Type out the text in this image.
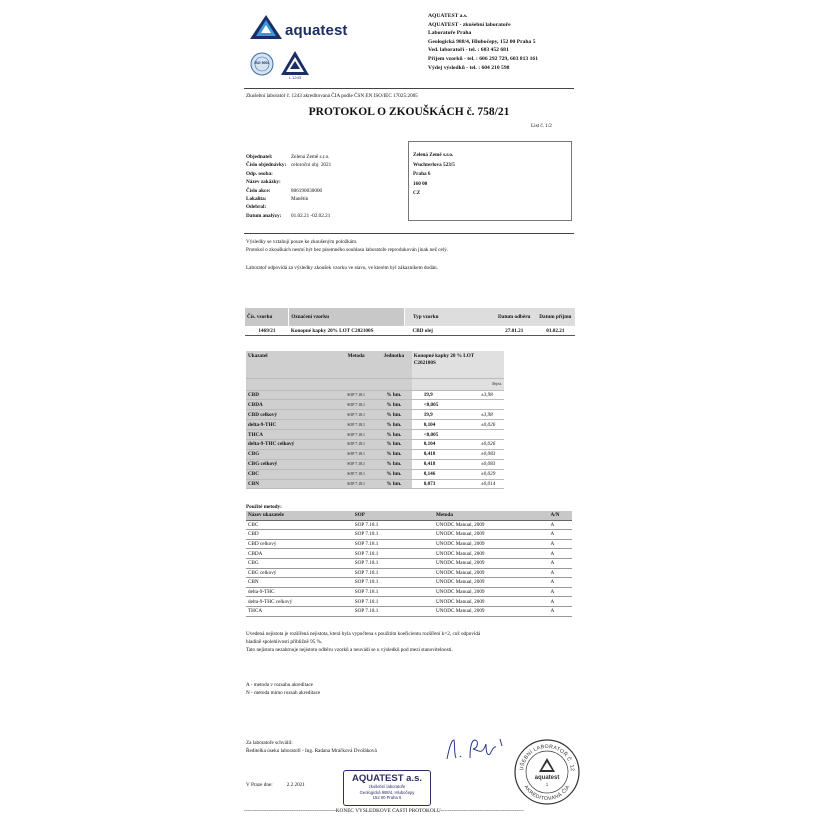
aquatest
ISO 9001
L 1243
AQUATEST a.s.
AQUATEST - zkušební laboratoře
Laboratoře Praha
Geologická 988/4, Hlubočepy, 152 00 Praha 5
Ved. laboratoří - tel. : 603 452 681
Příjem vzorků - tel. : 606 292 729, 603 813 161
Výdej výsledků - tel. : 604 210 598
Zkušební laboratoř č. 1243 akreditovaná ČIA podle ČSN EN ISO/IEC 17025:2005
PROTOKOL O ZKOUŠKÁCH č. 758/21
List č. 1/2
Objednatel:	Zelená Země s.r.o.
Číslo objednávky: celoroční obj. 2021
Odp. osoba:
Název zakázky:
Číslo akce:	806190030000
Lokalita:	Manětín
Odebral:
Datum analýzy:	01.02.21 -02.02.21
Zelená Země s.r.o.
Wuchterlova 523/5
Praha 6
160 00
CZ
Výsledky se vztahují pouze ke zkoušeným položkám.
Protokol o zkouškách nesmí být bez písemného souhlasu laboratoře reprodukován jinak než celý.
Laboratoř odpovídá za výsledky zkoušek vzorku ve stavu, ve kterém byl zákazníkem dodán.
Čís. vzorku	Označení vzorku	Typ vzorku	Datum odběru	Datum příjmu
1469/21	Konopné kapky 20% LOT C202100S	CBD olej	27.01.21	01.02.21
Ukazatel	Metoda	Jednotka	Konopné kapky 20 % LOT C202100S	
			Nejist.	
CBD	SOP 7.18.1	% hm.	19,9	±3,98
CBDA	SOP 7.18.1	% hm.	<0,005	
CBD celkový	SOP 7.18.1	% hm.	19,9	±3,98
delta-9-THC	SOP 7.18.1	% hm.	0,104	±0,026
THCA	SOP 7.18.1	% hm.	<0,005	
delta-9-THC celkový	SOP 7.18.1	% hm.	0,104	±0,026
CBG	SOP 7.18.1	% hm.	0,418	±0,083
CBG celkový	SOP 7.18.1	% hm.	0,418	±0,083
CBC	SOP 7.18.1	% hm.	0,146	±0,029
CBN	SOP 7.18.1	% hm.	0,073	±0,014
Použité metody:
Název ukazatele	SOP	Metoda	A/N
CBC	SOP 7.18.1	UNODC Manual, 2009	A
CBD	SOP 7.18.1	UNODC Manual, 2009	A
CBD celkový	SOP 7.18.1	UNODC Manual, 2009	A
CBDA	SOP 7.18.1	UNODC Manual, 2009	A
CBG	SOP 7.18.1	UNODC Manual, 2009	A
CBG celkový	SOP 7.18.1	UNODC Manual, 2009	A
CBN	SOP 7.18.1	UNODC Manual, 2009	A
delta-9-THC	SOP 7.18.1	UNODC Manual, 2009	A
delta-9-THC celkový	SOP 7.18.1	UNODC Manual, 2009	A
THCA	SOP 7.18.1	UNODC Manual, 2009	A
Uvedená nejistota je rozšířená nejistota, která byla vypočtena s použitím koeficientu rozšíření k=2, což odpovídá
hladině spolehlivosti přibližně 95 %.
Tato nejistota nezahrnuje nejistotu odběru vzorků a neuvádí se u výsledků pod mezí stanovitelnosti.
A - metoda v rozsahu akreditace
N - metoda mimo rozsah akreditace
Za laboratoře schválil:
Ředitelka úseku laboratoří - Ing. Radana Mráčková Dvořáková
V Praze dne:	2.2.2021
AQUATEST a.s.
zkušební laboratoře
Geologická 988/4, Hlubočepy
152 00 Praha 5
UŠEBNÍ LABORATOŘ Č. 12
AKREDITOVANÁ ČIA
aquatest
1
----------------------------------------------------KONEC VÝSLEDKOVÉ ČÁSTI PROTOKOLU-----------------------------------------------
